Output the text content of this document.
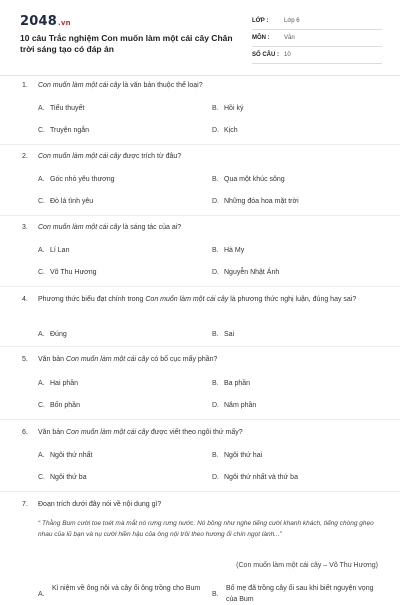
2048.vn
10 câu Trắc nghiệm Con muốn làm một cái cây Chân trời sáng tạo có đáp án
LỚP :	Lớp 6
MÔN :	Văn
SỐ CÂU : 10
1. Con muốn làm một cái cây là văn bản thuộc thể loại?
A. Tiểu thuyết	B. Hồi ký
C. Truyện ngắn	D. Kịch
2. Con muốn làm một cái cây được trích từ đâu?
A. Góc nhỏ yêu thương	B. Qua một khúc sông
C. Đò lá tình yêu	D. Những đóa hoa mặt trời
3. Con muốn làm một cái cây là sáng tác của ai?
A. Lí Lan	B. Hà My
C. Võ Thu Hương	D. Nguyễn Nhật Ánh
4. Phương thức biểu đạt chính trong Con muốn làm một cái cây là phương thức nghị luận, đúng hay sai?
A. Đúng	B. Sai
5. Văn bản Con muốn làm một cái cây có bố cục mấy phần?
A. Hai phần	B. Ba phần
C. Bốn phần	D. Năm phần
6. Văn bản Con muốn làm một cái cây được viết theo ngôi thứ mấy?
A. Ngôi thứ nhất	B. Ngôi thứ hai
C. Ngôi thứ ba	D. Ngôi thứ nhất và thứ ba
7. Đoạn trích dưới đây nói về nội dung gì?
“ Thằng Bum cười toe toét mà mắt nó rưng rưng nước. Nó bồng như nghe tiếng cười khanh khách, tiếng chòng ghẹo nhau của lũ bạn và nụ cười hiền hậu của ông nội trôi theo hương ổi chín ngọt lành...”
(Con muốn làm một cái cây – Võ Thu Hương)
A.
Kỉ niệm về ông nội và cây ổi ông trồng cho Bum
B.
Bố mẹ đã trồng cây ổi sau khi biết nguyện vọng của Bum
